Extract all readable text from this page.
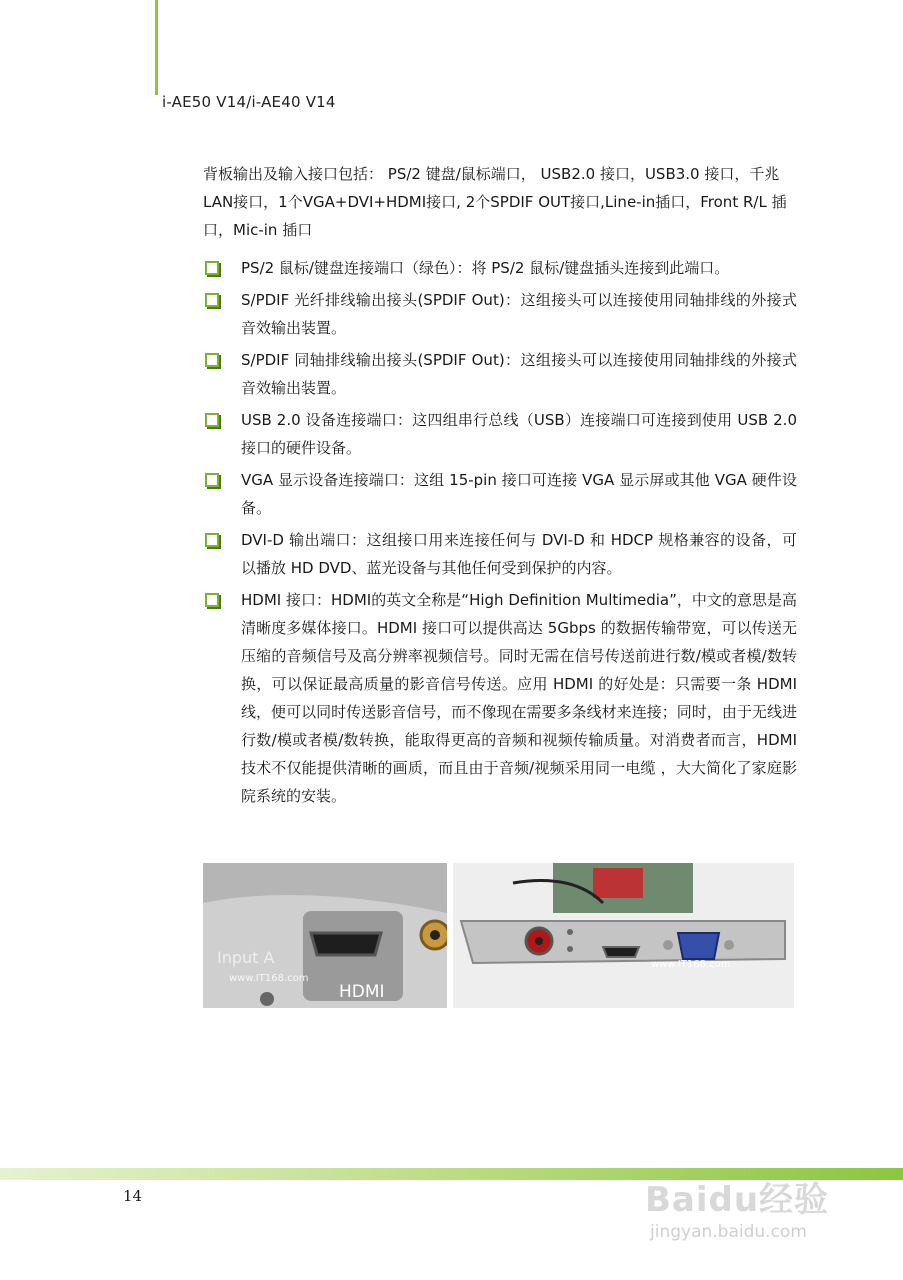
i-AE50 V14/i-AE40 V14
背板输出及输入接口包括： PS/2 键盘/鼠标端口， USB2.0 接口，USB3.0 接口，千兆LAN接口，1个VGA+DVI+HDMI接口, 2个SPDIF OUT接口,Line-in插口，Front R/L 插口，Mic-in 插口
PS/2 鼠标/键盘连接端口（绿色）：将 PS/2 鼠标/键盘插头连接到此端口。
S/PDIF 光纤排线输出接头(SPDIF Out)：这组接头可以连接使用同轴排线的外接式音效输出装置。
S/PDIF 同轴排线输出接头(SPDIF Out)：这组接头可以连接使用同轴排线的外接式音效输出装置。
USB 2.0 设备连接端口：这四组串行总线（USB）连接端口可连接到使用 USB 2.0 接口的硬件设备。
VGA 显示设备连接端口：这组 15-pin 接口可连接 VGA 显示屏或其他 VGA 硬件设备。
DVI-D 输出端口：这组接口用来连接任何与 DVI-D 和 HDCP 规格兼容的设备，可以播放 HD DVD、蓝光设备与其他任何受到保护的内容。
HDMI 接口：HDMI的英文全称是“High Definition Multimedia”，中文的意思是高清晰度多媒体接口。HDMI 接口可以提供高达 5Gbps 的数据传输带宽，可以传送无压缩的音频信号及高分辨率视频信号。同时无需在信号传送前进行数/模或者模/数转换，可以保证最高质量的影音信号传送。应用 HDMI 的好处是：只需要一条 HDMI 线，便可以同时传送影音信号，而不像现在需要多条线材来连接；同时，由于无线进行数/模或者模/数转换，能取得更高的音频和视频传输质量。对消费者而言，HDMI 技术不仅能提供清晰的画质，而且由于音频/视频采用同一电缆 ，大大简化了家庭影院系统的安装。
Input A
HDMI
www.IT168.com
www.IT168.com
14	Baidu经验
jingyan.baidu.com
